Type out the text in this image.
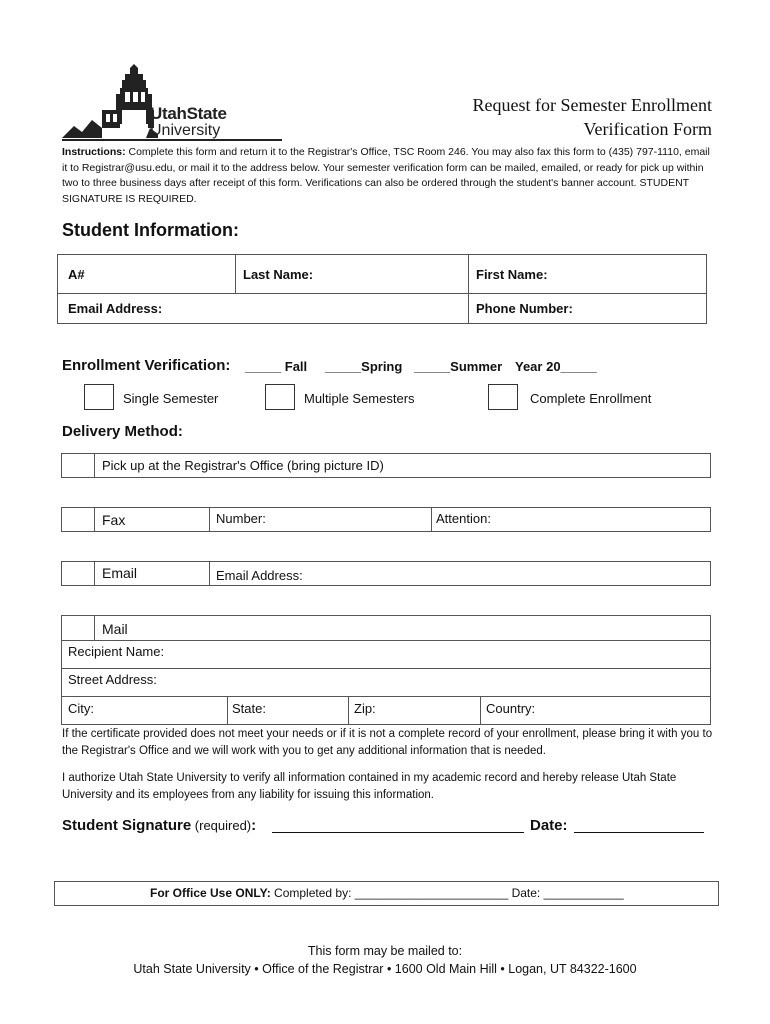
UtahState
University
Request for Semester Enrollment
Verification Form
Instructions: Complete this form and return it to the Registrar's Office, TSC Room 246. You may also fax this form to (435) 797-1110, email it to Registrar@usu.edu, or mail it to the address below. Your semester verification form can be mailed, emailed, or ready for pick up within two to three business days after receipt of this form. Verifications can also be ordered through the student's banner account. STUDENT SIGNATURE IS REQUIRED.
Student Information:
A#	Last Name:	First Name:
Email Address:	Phone Number:
Enrollment Verification: _____ Fall _____Spring _____Summer Year 20_____
Single Semester	Multiple Semesters	Complete Enrollment
Delivery Method:
Pick up at the Registrar's Office (bring picture ID)
Fax	Number:	Attention:
Email	Email Address:
Mail
Recipient Name:
Street Address:
City:	State:	Zip:	Country:
If the certificate provided does not meet your needs or if it is not a complete record of your enrollment, please bring it with you to the Registrar's Office and we will work with you to get any additional information that is needed.
I authorize Utah State University to verify all information contained in my academic record and hereby release Utah State University and its employees from any liability for issuing this information.
Student Signature (required):	Date:
For Office Use ONLY: Completed by: _______________________ Date: ____________
This form may be mailed to:
Utah State University • Office of the Registrar • 1600 Old Main Hill • Logan, UT 84322-1600
